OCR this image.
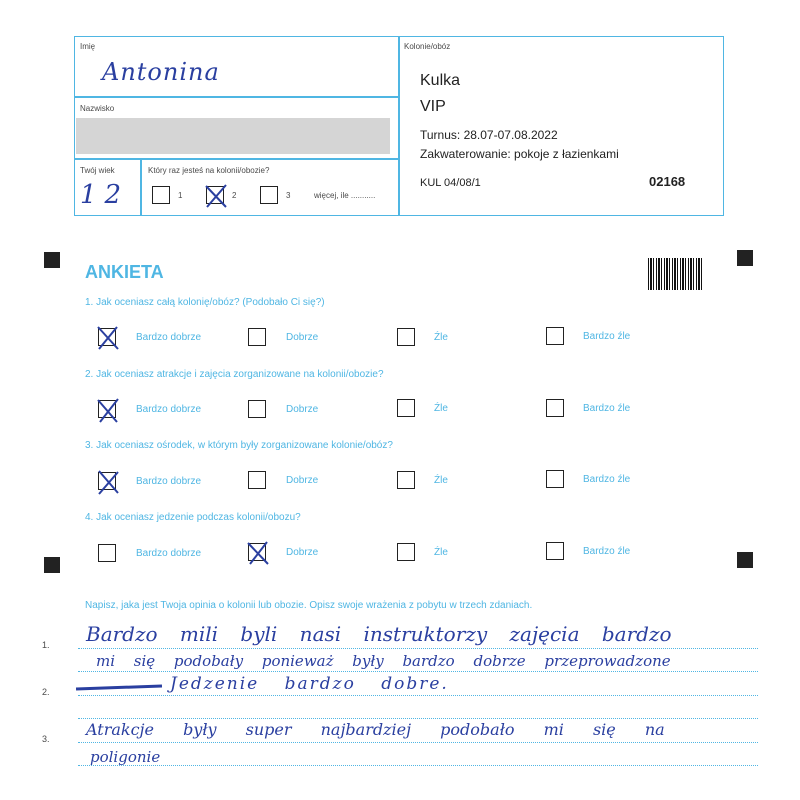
Imię
Antonina
Nazwisko
Twój wiek
12
Który raz jesteś na kolonii/obozie?
1	2	3	więcej, ile ...........
Kolonie/obóz
Kulka
VIP
Turnus: 28.07-07.08.2022
Zakwaterowanie: pokoje z łazienkami
KUL 04/08/1	02168
ANKIETA
1. Jak oceniasz całą kolonię/obóz? (Podobało Ci się?)
Bardzo dobrze	Dobrze	Źle	Bardzo źle
2. Jak oceniasz atrakcje i zajęcia zorganizowane na kolonii/obozie?
Bardzo dobrze	Dobrze	Źle	Bardzo źle
3. Jak oceniasz ośrodek, w którym były zorganizowane kolonie/obóz?
Bardzo dobrze	Dobrze	Źle	Bardzo źle
4. Jak oceniasz jedzenie podczas kolonii/obozu?
Bardzo dobrze	Dobrze	Źle	Bardzo źle
Napisz, jaka jest Twoja opinia o kolonii lub obozie. Opisz swoje wrażenia z pobytu w trzech zdaniach.
1.
2.
3.
Bardzo mili byli nasi instruktorzy zajęcia bardzo
mi się podobały ponieważ były bardzo dobrze przeprowadzone
Jedzenie bardzo dobre.
Atrakcje były super najbardziej podobało mi się na
poligonie
